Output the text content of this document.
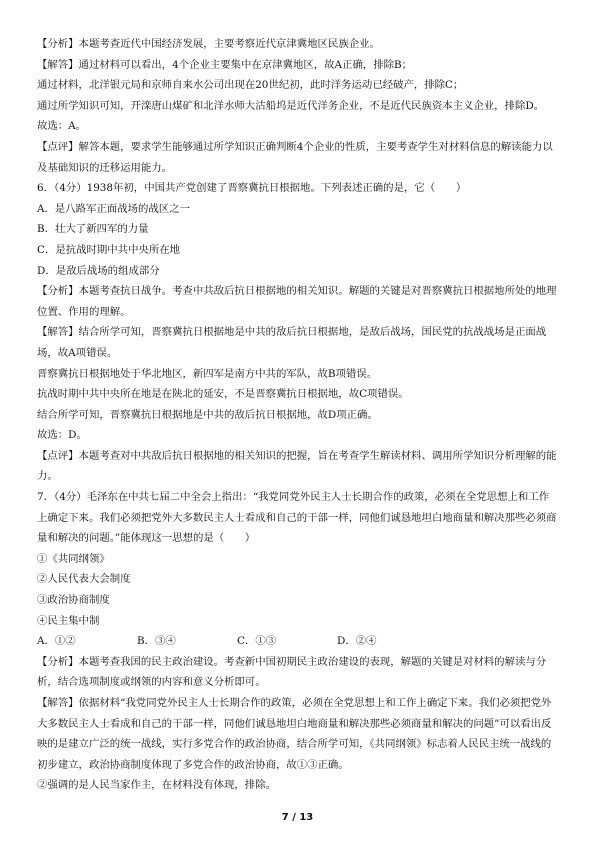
【分析】本题考查近代中国经济发展，主要考察近代京津冀地区民族企业。
【解答】通过材料可以看出，4个企业主要集中在京津冀地区，故A正确，排除B；
通过材料，北洋银元局和京师自来水公司出现在20世纪初，此时洋务运动已经破产，排除C；
通过所学知识可知，开滦唐山煤矿和北洋水师大沽船坞是近代洋务企业，不是近代民族资本主义企业，排除D。
故选：A。
【点评】解答本题，要求学生能够通过所学知识正确判断4个企业的性质，主要考查学生对材料信息的解读能力以
及基础知识的迁移运用能力。
6．（4分）1938年初，中国共产党创建了晋察冀抗日根据地。下列表述正确的是，它（　　）
A．是八路军正面战场的战区之一
B．壮大了新四军的力量
C．是抗战时期中共中央所在地
D．是敌后战场的组成部分
【分析】本题考查抗日战争。考查中共敌后抗日根据地的相关知识。解题的关键是对晋察冀抗日根据地所处的地理
位置、作用的理解。
【解答】结合所学可知，晋察冀抗日根据地是中共的敌后抗日根据地，是敌后战场，国民党的抗战战场是正面战
场，故A项错误。
晋察冀抗日根据地处于华北地区，新四军是南方中共的军队，故B项错误。
抗战时期中共中央所在地是在陕北的延安，不是晋察冀抗日根据地，故C项错误。
结合所学可知，晋察冀抗日根据地是中共的敌后抗日根据地，故D项正确。
故选：D。
【点评】本题考查对中共敌后抗日根据地的相关知识的把握，旨在考查学生解读材料、调用所学知识分析理解的能
力。
7．（4分）毛泽东在中共七届二中全会上指出：“我党同党外民主人士长期合作的政策，必须在全党思想上和工作
上确定下来。我们必须把党外大多数民主人士看成和自己的干部一样，同他们诚恳地坦白地商量和解决那些必须商
量和解决的问题。”能体现这一思想的是（　　）
①《共同纲领》
②人民代表大会制度
③政治协商制度
④民主集中制
A．①②	B．③④	C．①③	D．②④
【分析】本题考查我国的民主政治建设。考查新中国初期民主政治建设的表现，解题的关键是对材料的解读与分
析，结合选项制度或纲领的内容和意义分析即可。
【解答】依据材料“我党同党外民主人士长期合作的政策，必须在全党思想上和工作上确定下来。我们必须把党外
大多数民主人士看成和自己的干部一样，同他们诚恳地坦白地商量和解决那些必须商量和解决的问题”可以看出反
映的是建立广泛的统一战线，实行多党合作的政治协商，结合所学可知，《共同纲领》标志着人民民主统一战线的
初步建立，政治协商制度体现了多党合作的政治协商，故①③正确。
②强调的是人民当家作主，在材料没有体现，排除。
7 / 13
